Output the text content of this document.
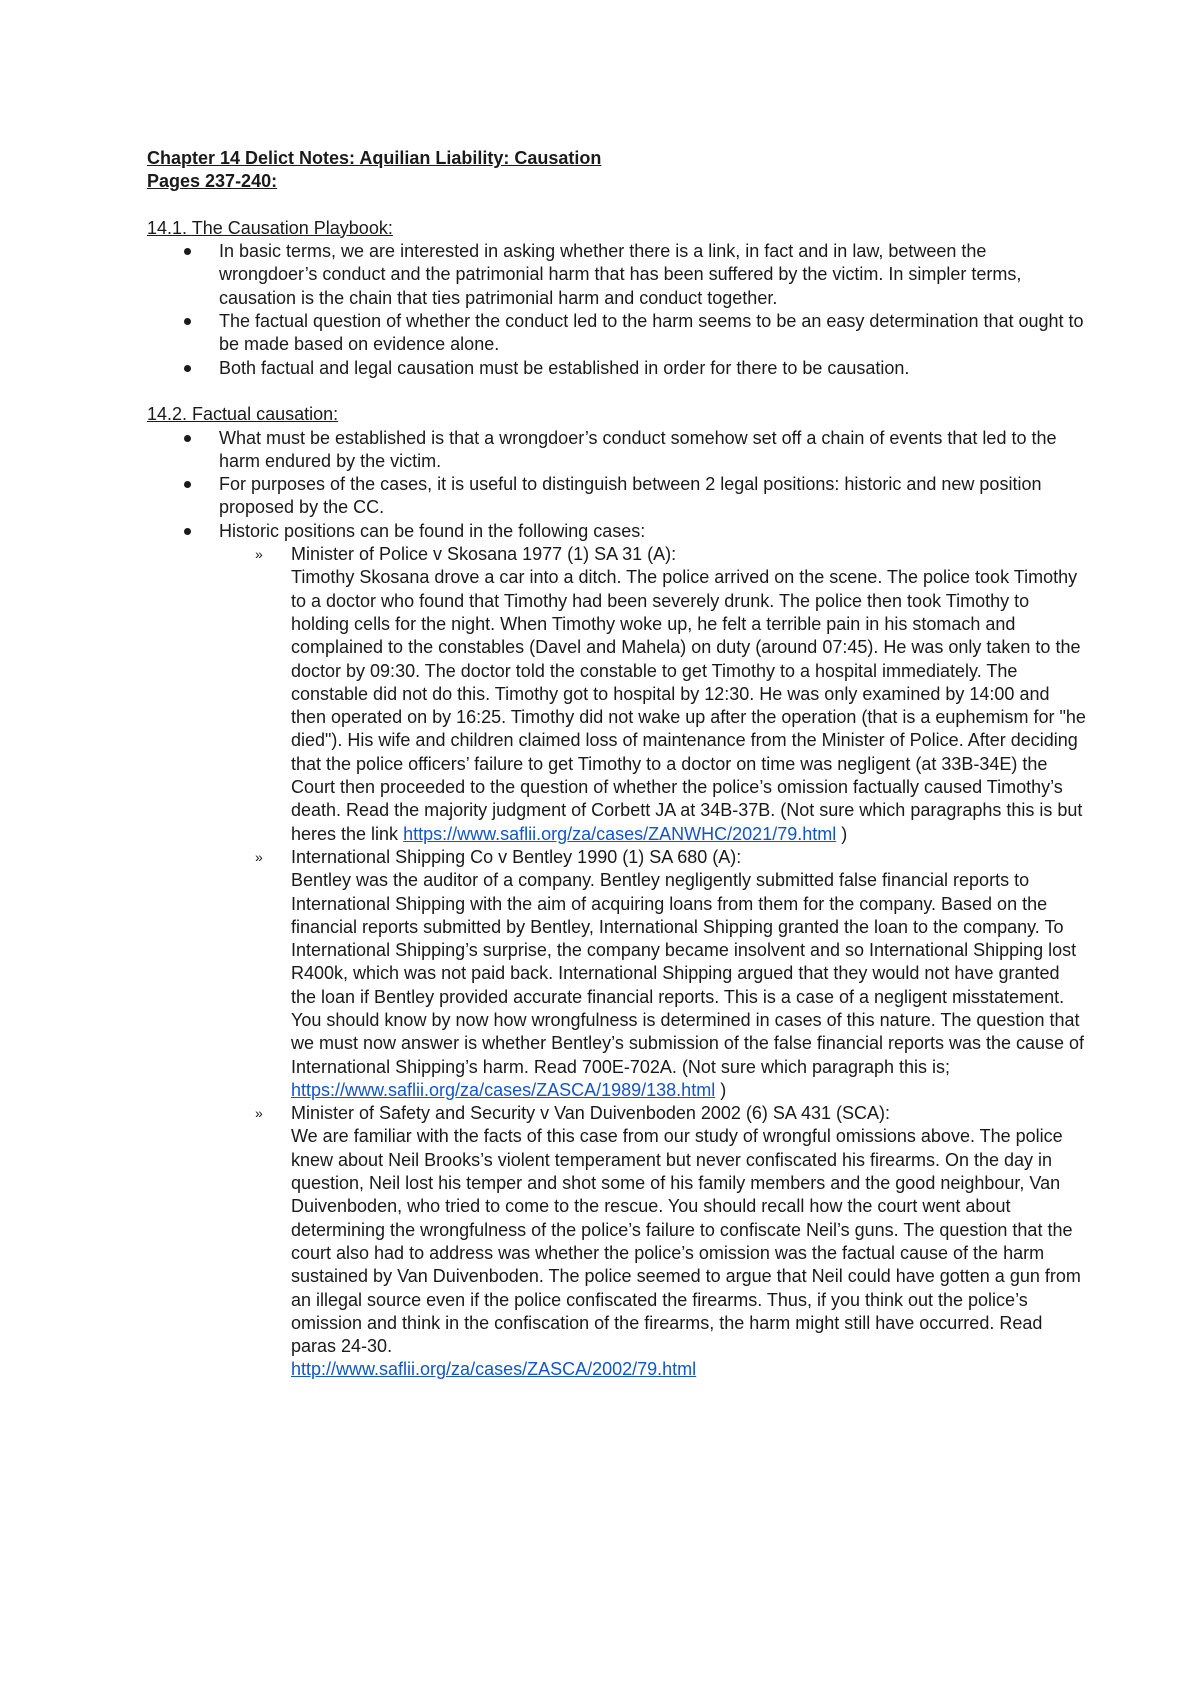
Chapter 14 Delict Notes: Aquilian Liability: Causation

Pages 237-240:

14.1. The Causation Playbook:

In basic terms, we are interested in asking whether there is a link, in fact and in law, between the wrongdoer’s conduct and the patrimonial harm that has been suffered by the victim. In simpler terms, causation is the chain that ties patrimonial harm and conduct together.
The factual question of whether the conduct led to the harm seems to be an easy determination that ought to be made based on evidence alone.
Both factual and legal causation must be established in order for there to be causation.

14.2. Factual causation:

What must be established is that a wrongdoer’s conduct somehow set off a chain of events that led to the harm endured by the victim.
For purposes of the cases, it is useful to distinguish between 2 legal positions: historic and new position proposed by the CC.
Historic positions can be found in the following cases:
» Minister of Police v Skosana 1977 (1) SA 31 (A):

Timothy Skosana drove a car into a ditch. The police arrived on the scene. The police took Timothy to a doctor who found that Timothy had been severely drunk. The police then took Timothy to holding cells for the night. When Timothy woke up, he felt a terrible pain in his stomach and complained to the constables (Davel and Mahela) on duty (around 07:45). He was only taken to the doctor by 09:30. The doctor told the constable to get Timothy to a hospital immediately. The constable did not do this. Timothy got to hospital by 12:30. He was only examined by 14:00 and then operated on by 16:25. Timothy did not wake up after the operation (that is a euphemism for "he died"). His wife and children claimed loss of maintenance from the Minister of Police. After deciding that the police officers’ failure to get Timothy to a doctor on time was negligent (at 33B-34E) the Court then proceeded to the question of whether the police’s omission factually caused Timothy’s death. Read the majority judgment of Corbett JA at 34B-37B. (Not sure which paragraphs this is but heres the link https://www.saflii.org/za/cases/ZANWHC/2021/79.html )

» International Shipping Co v Bentley 1990 (1) SA 680 (A):

Bentley was the auditor of a company. Bentley negligently submitted false financial reports to International Shipping with the aim of acquiring loans from them for the company. Based on the financial reports submitted by Bentley, International Shipping granted the loan to the company. To International Shipping’s surprise, the company became insolvent and so International Shipping lost R400k, which was not paid back. International Shipping argued that they would not have granted the loan if Bentley provided accurate financial reports. This is a case of a negligent misstatement. You should know by now how wrongfulness is determined in cases of this nature. The question that we must now answer is whether Bentley’s submission of the false financial reports was the cause of International Shipping’s harm. Read 700E-702A. (Not sure which paragraph this is; https://www.saflii.org/za/cases/ZASCA/1989/138.html )

» Minister of Safety and Security v Van Duivenboden 2002 (6) SA 431 (SCA):

We are familiar with the facts of this case from our study of wrongful omissions above. The police knew about Neil Brooks’s violent temperament but never confiscated his firearms. On the day in question, Neil lost his temper and shot some of his family members and the good neighbour, Van Duivenboden, who tried to come to the rescue. You should recall how the court went about determining the wrongfulness of the police’s failure to confiscate Neil’s guns. The question that the court also had to address was whether the police’s omission was the factual cause of the harm sustained by Van Duivenboden. The police seemed to argue that Neil could have gotten a gun from an illegal source even if the police confiscated the firearms. Thus, if you think out the police’s omission and think in the confiscation of the firearms, the harm might still have occurred. Read paras 24-30.
http://www.saflii.org/za/cases/ZASCA/2002/79.html
